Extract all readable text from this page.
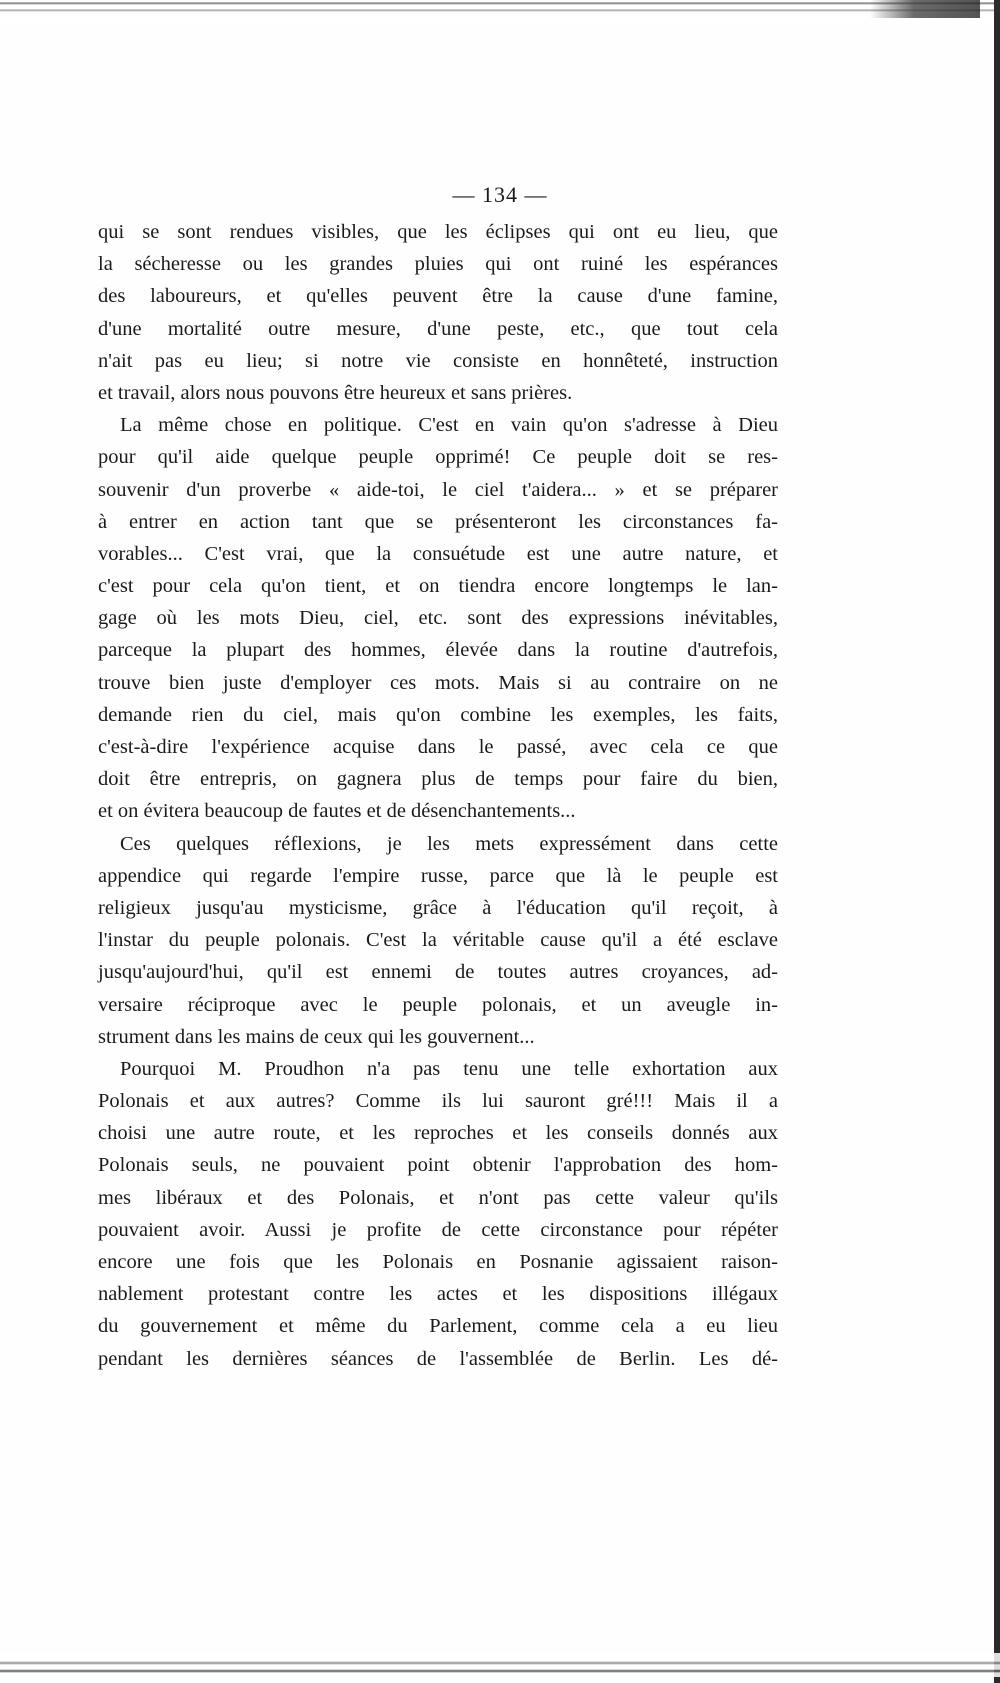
— 134 —
qui se sont rendues visibles, que les éclipses qui ont eu lieu, que
la sécheresse ou les grandes pluies qui ont ruiné les espérances
des laboureurs, et qu'elles peuvent être la cause d'une famine,
d'une mortalité outre mesure, d'une peste, etc., que tout cela
n'ait pas eu lieu; si notre vie consiste en honnêteté, instruction
et travail, alors nous pouvons être heureux et sans prières.
La même chose en politique. C'est en vain qu'on s'adresse à Dieu
pour qu'il aide quelque peuple opprimé! Ce peuple doit se res-
souvenir d'un proverbe « aide-toi, le ciel t'aidera... » et se préparer
à entrer en action tant que se présenteront les circonstances fa-
vorables... C'est vrai, que la consuétude est une autre nature, et
c'est pour cela qu'on tient, et on tiendra encore longtemps le lan-
gage où les mots Dieu, ciel, etc. sont des expressions inévitables,
parceque la plupart des hommes, élevée dans la routine d'autrefois,
trouve bien juste d'employer ces mots. Mais si au contraire on ne
demande rien du ciel, mais qu'on combine les exemples, les faits,
c'est-à-dire l'expérience acquise dans le passé, avec cela ce que
doit être entrepris, on gagnera plus de temps pour faire du bien,
et on évitera beaucoup de fautes et de désenchantements...
Ces quelques réflexions, je les mets expressément dans cette
appendice qui regarde l'empire russe, parce que là le peuple est
religieux jusqu'au mysticisme, grâce à l'éducation qu'il reçoit, à
l'instar du peuple polonais. C'est la véritable cause qu'il a été esclave
jusqu'aujourd'hui, qu'il est ennemi de toutes autres croyances, ad-
versaire réciproque avec le peuple polonais, et un aveugle in-
strument dans les mains de ceux qui les gouvernent...
Pourquoi M. Proudhon n'a pas tenu une telle exhortation aux
Polonais et aux autres? Comme ils lui sauront gré!!! Mais il a
choisi une autre route, et les reproches et les conseils donnés aux
Polonais seuls, ne pouvaient point obtenir l'approbation des hom-
mes libéraux et des Polonais, et n'ont pas cette valeur qu'ils
pouvaient avoir. Aussi je profite de cette circonstance pour répéter
encore une fois que les Polonais en Posnanie agissaient raison-
nablement protestant contre les actes et les dispositions illégaux
du gouvernement et même du Parlement, comme cela a eu lieu
pendant les dernières séances de l'assemblée de Berlin. Les dé-
